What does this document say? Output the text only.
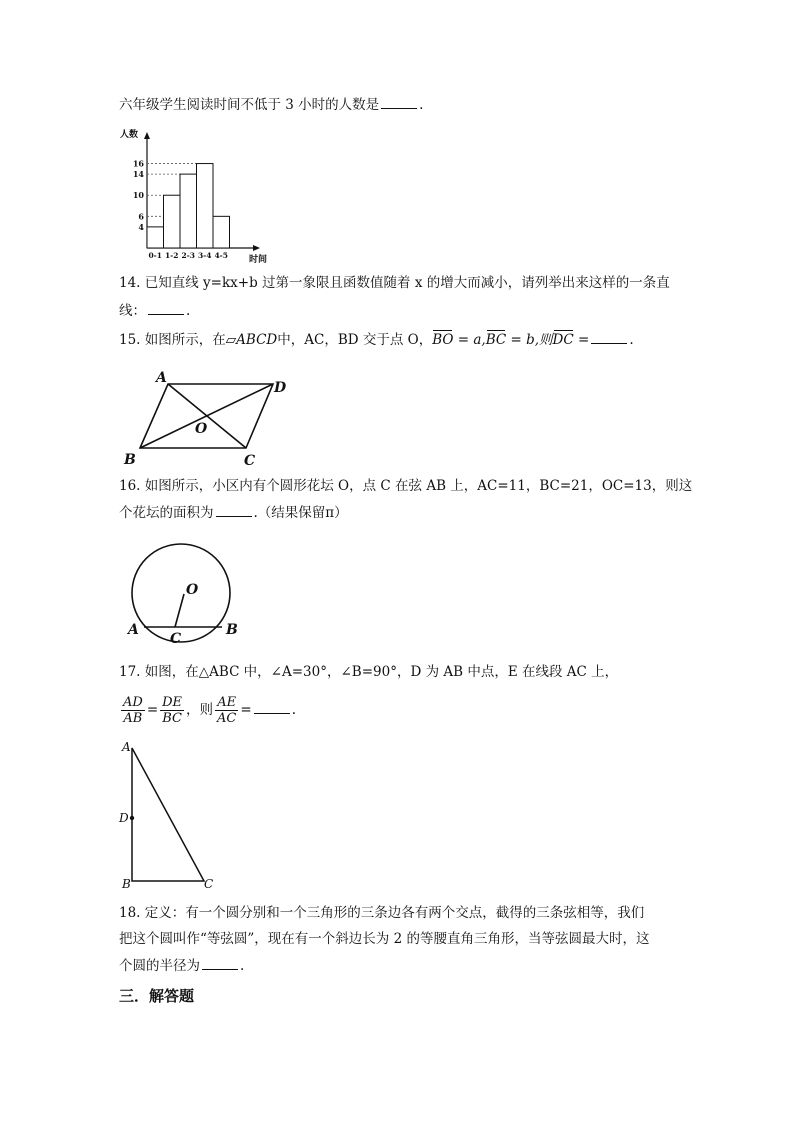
六年级学生阅读时间不低于 3 小时的人数是	.
人数
时间
4
6
10
14
16
0-1 1-2 2-3 3-4 4-5
14. 已知直线 y=kx+b 过第一象限且函数值随着 x 的增大而减小，请列举出来这样的一条直
线：	.
15. 如图所示，在▱ABCD中，AC，BD 交于点 O，BO = a,BC = b,则DC =	.
A
B	C
D
O
16. 如图所示，小区内有个圆形花坛 O，点 C 在弦 AB 上，AC=11，BC=21，OC=13，则这
个花坛的面积为	.（结果保留π）
O
A	B
C
17. 如图，在△ABC 中，∠A=30°，∠B=90°，D 为 AB 中点，E 在线段 AC 上，
$\frac{AD}{AB} = \frac{DE}{BC}$ ，则 $\frac{AE}{AC}$ =	.
A
D
B	C
18. 定义：有一个圆分别和一个三角形的三条边各有两个交点，截得的三条弦相等，我们
把这个圆叫作“等弦圆”，现在有一个斜边长为 2 的等腰直角三角形，当等弦圆最大时，这
个圆的半径为	.
三．解答题
